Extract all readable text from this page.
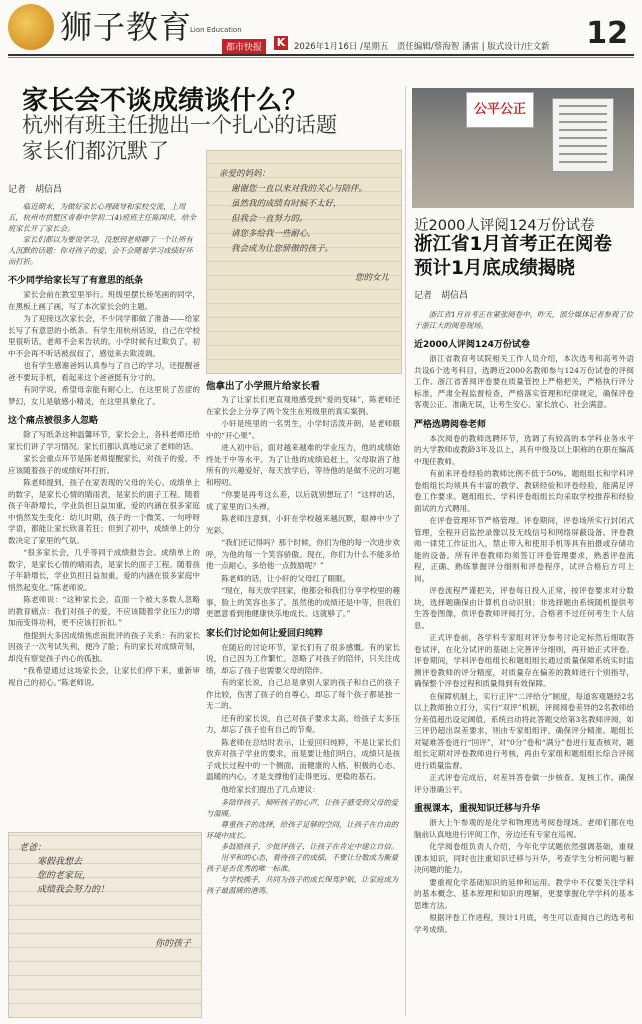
狮子教育
Lion Education
都市快报	K	2026年1月16日 /星期五　责任编辑/蔡海智 潘雷 | 版式设计/庄文新 12
家长会不谈成绩谈什么？
杭州有班主任抛出一个扎心的话题
家长们都沉默了
记者　胡信昌
临近期末，为做好家长心理疏导和家校交流，上周五，杭州市拱墅区青春中学初二(4)班班主任陈国庆，给全班家长开了家长会。
家长们都以为要说学习，没想到老师聊了一个让所有人沉默的话题：你对孩子的爱，会不会随着学习成绩好坏而打折。
不少同学给家长写了有意思的纸条

家长会前在教室里举行。班级里摆长桥笔画的同学，在黑板上画了画，写了本次家长会的主题。

为了迎接这次家长会，不少同学都做了准备——给家长写了有意思的小纸条。有学生用杭州话说，自己在学校里很听话，老师不会来告状的。小学时候有过欺负了，初中不会再不听话被叔叔了，感觉来去欺凌调。

也有学生感谢爸妈认真参与了自己的学习，还提醒爸爸不要玩手机，看起来这个爸爸挺有分寸的。

有同学说，希望母亲能有耐心上，在这里说了苦涩的梦幻，女儿是敏感小精灵，在这里具象化了。

这个痛点被很多人忽略

除了写纸条这种温馨环节，家长会上，各科老师还给家长们讲了学习情况。家长们都认真地记录了老师的话。

家长会重点环节是陈老师提醒家长，对孩子的爱，不应该随着孩子的成绩好坏打折。

陈老师提到，孩子在家表现的父母的关心、成绩单上的数字，是家长心情的睛雨表，是家长的面子工程。随着孩子年龄增长，学业负担日益加重，爱的内涵在很多家庭中悄然发生变化：幼儿时期，孩子的一个微笑、一句呼呀学语，都能让家长欣喜若狂；但到了初中，成绩单上的分数决定了家里的气氛。

“很多家长会，几乎等同于成绩报告会。成绩单上的数字，是家长心情的晴雨表，是家长的面子工程。随着孩子年龄增长，学业负担日益加重，爱的内涵在很多家庭中悄然起变化。”陈老师说。

陈老师说：“这种家长会，直面一个被大多数人忽略的教育痛点：我们对孩子的爱，不应该随着学业压力的增加而变得功利，更不应该打折扣。”

他提到大多因成绩焦虑而批评的孩子关系：有的家长因孩子一次考试失利，便冷了脸；有的家长对成绩苛刻，却没有察觉孩子内心的孤独。

“我希望通过这场家长会，让家长们停下来，重新审视自己的初心。”陈老师说。

老爸：
寒假我想去
您的老家玩，
成绩我会努力的！
你的孩子
亲爱的妈妈：
谢谢您一直以来对我的关心与陪伴。
虽然我的成绩有时候不太好，
但我会一直努力的。
请您多给我一些耐心，
我会成为让您骄傲的孩子。
您的女儿
他拿出了小学照片给家长看

为了让家长们更直观地感受到“爱的变味”，陈老师还在家长会上分享了两个发生在班级里的真实案例。

小轩是班里的一名男生，小学时活泼开朗，是老师眼中的“开心果”。

进入初中后，面对越来越难的学业压力，他的成绩始终处于中等水平。为了让他的成绩追赶上，父母取消了他所有的兴趣爱好，每天放学后，等待他的是做不完的习题和唠叨。

“你要是再考这么差，以后就别想玩了！”这样的话，成了家里的口头禅。

陈老师注意到，小轩在学校越来越沉默，眼神中少了光彩。

“我们还记得吗？那个时候，你们为他的每一次进步欢呼，为他的每一个笑容骄傲。现在，你们为什么不能多给他一点耐心，多给他一点鼓励呢？”

陈老师的话，让小轩的父母红了眼眶。

“现在，每天放学回家，他都会和我们分享学校里的趣事，脸上的笑容也多了。虽然他的成绩还是中等，但我们更愿意看到他健康快乐地成长。这就够了。”

家长们讨论如何让爱回归纯粹

在随后的讨论环节，家长们有了很多感慨。有的家长说，自己因为工作繁忙，忽略了对孩子的陪伴，只关注成绩，却忘了孩子也需要父母的陪伴。

有的家长说，自己总是拿别人家的孩子和自己的孩子作比较，伤害了孩子的自尊心，却忘了每个孩子都是独一无二的。

还有的家长说，自己对孩子要求太高，给孩子太多压力，却忘了孩子也有自己的节奏。

陈老师在总结时表示，让爱回归纯粹，不是让家长们放弃对孩子学业的要求，而是要让他们明白，成绩只是孩子成长过程中的一个侧面，而健康的人格、积极的心态、温暖的内心，才是支撑他们走得更远、更稳的基石。

他给家长们提出了几点建议：

多陪伴孩子，倾听孩子的心声，让孩子感受到父母的爱与温暖。
尊重孩子的选择，给孩子足够的空间，让孩子在自由的环境中成长。
多鼓励孩子，少批评孩子，让孩子在肯定中建立自信。
用平和的心态，看待孩子的成绩，不要让分数成为衡量孩子是否优秀的唯一标准。
与学校携手，共同为孩子的成长保驾护航，让家庭成为孩子最温暖的港湾。
公平公正
近2000人评阅124万份试卷
浙江省1月首考正在阅卷
预计1月底成绩揭晓
记者　胡信昌
浙江省1月首考正在紧张阅卷中。昨天，部分媒体记者参观了位于浙江大的阅卷现场。
近2000人评阅124万份试卷

浙江省教育考试院相关工作人员介绍，本次选考和高考外语共设6个选考科目，选聘近2000名教师参与124万份试卷的评阅工作。浙江省普阅评卷要在质量管控上严格把关，严格执行评分标准，严肃全程监督检查，严格落实管理和纪律规定，确保评卷客观公正、准确无误，让考生安心、家长放心、社会满意。

严格选聘阅卷老师

本次阅卷的教师选聘环节，选调了有较高的本学科业务水平的大学教师或教龄3年及以上，具有中级及以上职称的在职在编高中现任教师。

有前来评卷经验的教师比例不低于50%。题组组长和学科评卷组组长均须具有丰富的教学、教研经验和评卷经验，能满足评卷工作要求。题组组长、学科评卷组组长均采取学校推荐和经验面试的方式聘用。

在评卷管理环节严格管理。评卷期间，评卷场所实行封闭式管理，全程开启监控录像以及无线信号和网络屏蔽设备。评卷教师一律凭工作证出入，禁止带入和使用手机等具有拍摄或存储功能的设备。所有评卷教师均须签订评卷管理要求，熟悉评卷流程，正确、熟练掌握评分细则和评卷程序，试评合格后方可上岗。

评卷流程严谨把关，评卷每日投入正常，按评卷要求对分数块，选择题确保由计算机自动识别；非选择题由系统随机提供考生答卷图像，供评卷教师评阅打分，合格者不过任何考生个人信息。

正式评卷前，各学科专家组对评分参考讨论定标然后细取答卷试评，在化分试评的基础上完善评分细则，再开始正式评卷。评卷期间，学科评卷组组长和题组组长通过质量保障系统实时监测评卷教师的评分精度，对质量存在偏差的教师进行个别指导，确保整个评卷过程和质量得到有效保障。

在保障机制上，实行正评“二评给分”制度，每道客观题经2名以上教师独立打分，实行“双评”机制，评阅阅卷差异的2名教师给分差值超出设定阈值，系统自动将此答题交给第3名教师评阅，如三评仍超出误差要求，则由专家组组评，确保评分精准。题组长对疑难答卷进行“回评”，对“0分”卷和“满分”卷进行复查核对，题组长定期对评卷教师进行考核，再由专家组和题组组长综合评阅进行质量监督。

正式评卷完成后，对差异答卷做一步核查、复核工作。确保评分准确公平。

重视课本，重视知识迁移与升华

浙大上午参观的是化学和物理选考阅卷现场。老师们都在电脑前认真地进行评阅工作，旁边还有专家在巡视。

化学阅卷组负责人介绍，今年化学试题依然强调基础，重视课本知识，同时也注重知识迁移与升华，考查学生分析问题与解决问题的能力。

要重视化学基础知识的延伸和运用。教学中不仅要关注学科的基本概念、基本原理和知识的理解，更要掌握化学学科的基本思维方法。

根据评卷工作进程，预计1月底，考生可以查阅自己的选考和学考成绩。
